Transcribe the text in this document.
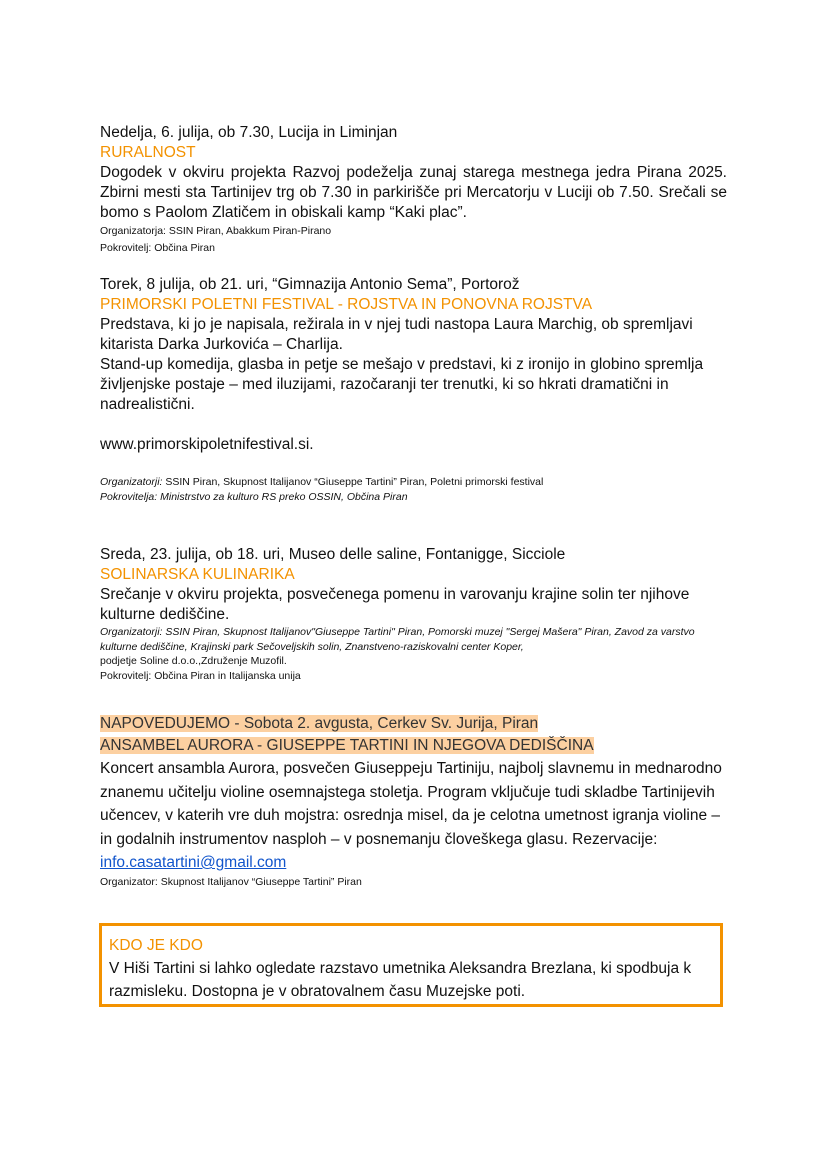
Nedelja, 6. julija, ob 7.30, Lucija in Liminjan

RURALNOST

Dogodek v okviru projekta Razvoj podeželja zunaj starega mestnega jedra Pirana 2025. Zbirni mesti sta Tartinijev trg ob 7.30 in parkirišče pri Mercatorju v Luciji ob 7.50. Srečali se bomo s Paolom Zlatičem in obiskali kamp “Kaki plac”.

Organizatorja: SSIN Piran, Abakkum Piran-Pirano

Pokrovitelj: Občina Piran

Torek, 8 julija, ob 21. uri, “Gimnazija Antonio Sema”, Portorož

PRIMORSKI POLETNI FESTIVAL - ROJSTVA IN PONOVNA ROJSTVA

Predstava, ki jo je napisala, režirala in v njej tudi nastopa Laura Marchig, ob spremljavi kitarista Darka Jurkovića – Charlija.

Stand-up komedija, glasba in petje se mešajo v predstavi, ki z ironijo in globino spremlja življenjske postaje – med iluzijami, razočaranji ter trenutki, ki so hkrati dramatični in nadrealistični.

www.primorskipoletnifestival.si.

Organizatorji: SSIN Piran, Skupnost Italijanov “Giuseppe Tartini” Piran, Poletni primorski festival

Pokrovitelja: Ministrstvo za kulturo RS preko OSSIN, Občina Piran

Sreda, 23. julija, ob 18. uri, Museo delle saline, Fontanigge, Sicciole

SOLINARSKA KULINARIKA

Srečanje v okviru projekta, posvečenega pomenu in varovanju krajine solin ter njihove kulturne dediščine.

Organizatorji: SSIN Piran, Skupnost Italijanov"Giuseppe Tartini" Piran, Pomorski muzej "Sergej Mašera" Piran, Zavod za varstvo kulturne dediščine, Krajinski park Sečoveljskih solin, Znanstveno-raziskovalni center Koper,

podjetje Soline d.o.o.,Združenje Muzofil.

Pokrovitelj: Občina Piran in Italijanska unija

NAPOVEDUJEMO - Sobota 2. avgusta, Cerkev Sv. Jurija, Piran

ANSAMBEL AURORA - GIUSEPPE TARTINI IN NJEGOVA DEDIŠČINA

Koncert ansambla Aurora, posvečen Giuseppeju Tartiniju, najbolj slavnemu in mednarodno znanemu učitelju violine osemnajstega stoletja. Program vključuje tudi skladbe Tartinijevih učencev, v katerih vre duh mojstra: osrednja misel, da je celotna umetnost igranja violine – in godalnih instrumentov nasploh – v posnemanju človeškega glasu. Rezervacije: info.casatartini@gmail.com

Organizator: Skupnost Italijanov “Giuseppe Tartini” Piran

KDO JE KDO

V Hiši Tartini si lahko ogledate razstavo umetnika Aleksandra Brezlana, ki spodbuja k razmisleku. Dostopna je v obratovalnem času Muzejske poti.
